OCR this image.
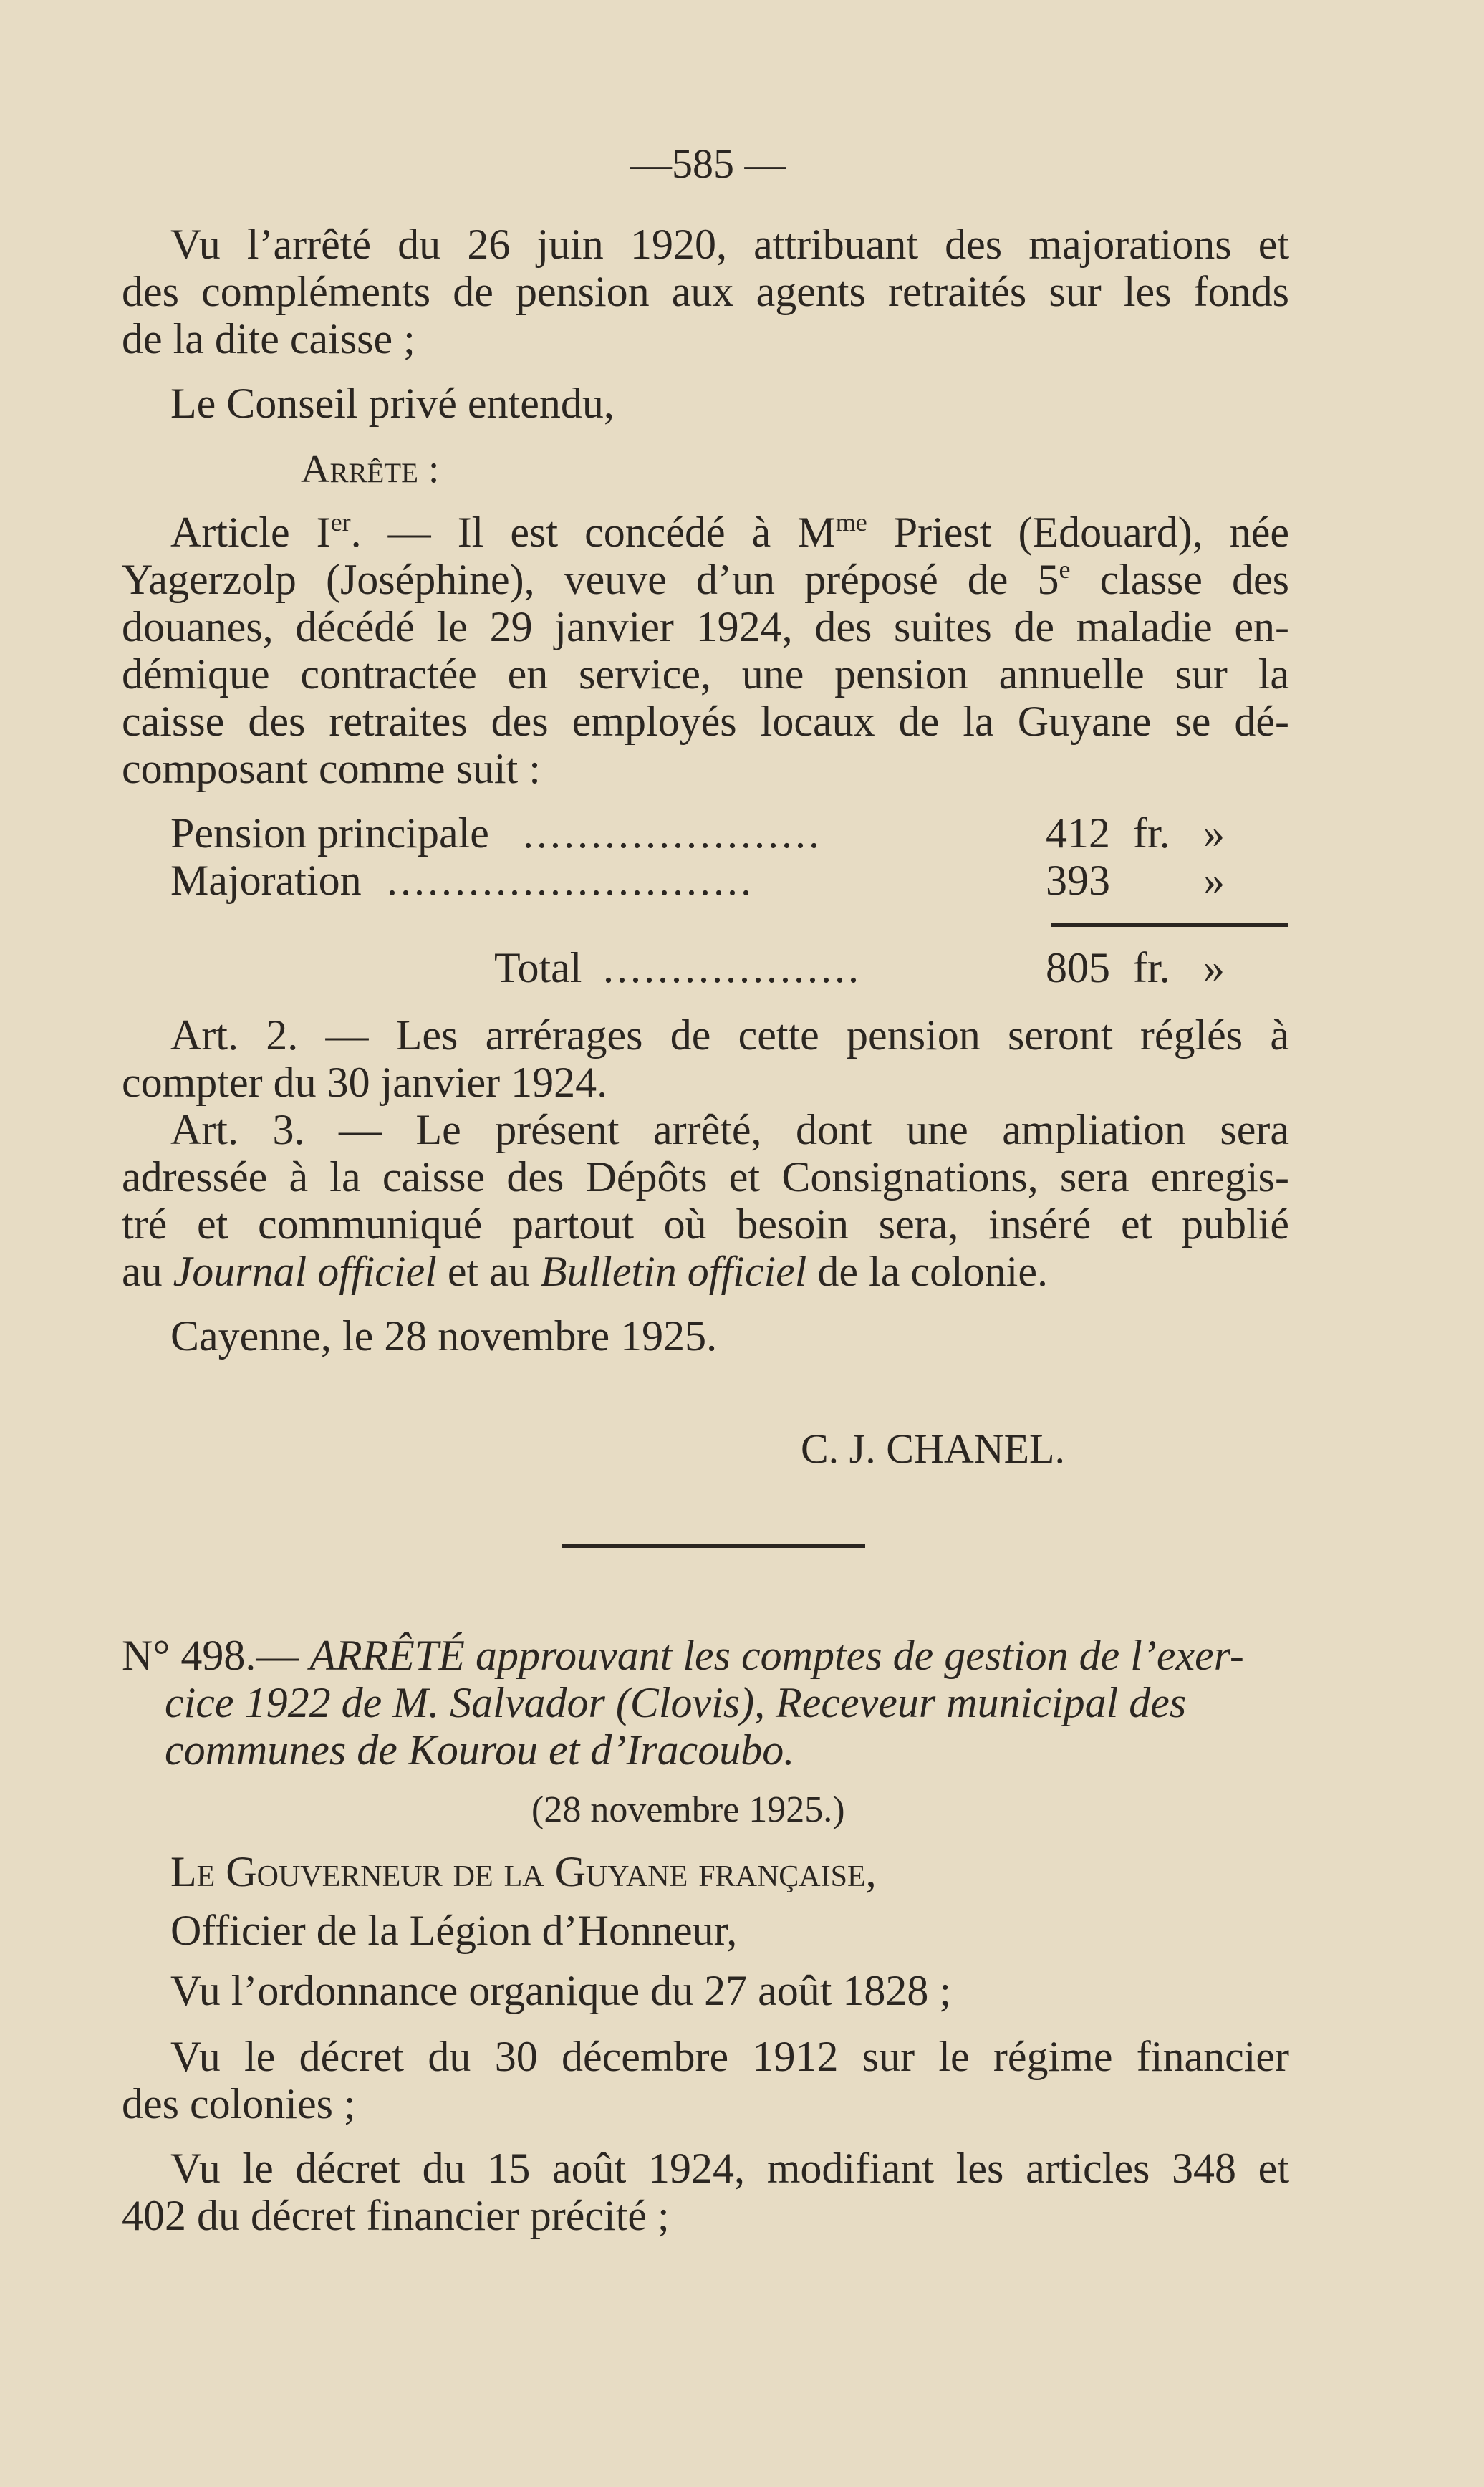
—585 —
Vu l’arrêté du 26 juin 1920, attribuant des majorations et
des compléments de pension aux agents retraités sur les fonds
de la dite caisse ;
Le Conseil privé entendu,
Arrête :
Article Ier. — Il est concédé à $M^{me}$ Priest (Edouard), née
Yagerzolp (Joséphine), veuve d’un préposé de 5e classe des
douanes, décédé le 29 janvier 1924, des suites de maladie en-
démique contractée en service, une pension annuelle sur la
caisse des retraites des employés locaux de la Guyane se dé-
composant comme suit :
Pension principale ......................	412 fr. »
Majoration ...........................	393 »
Total ...................	805 fr. »
Art. 2. — Les arrérages de cette pension seront réglés à
compter du 30 janvier 1924.
Art. 3. — Le présent arrêté, dont une ampliation sera
adressée à la caisse des Dépôts et Consignations, sera enregis-
tré et communiqué partout où besoin sera, inséré et publié
au Journal officiel et au Bulletin officiel de la colonie.
Cayenne, le 28 novembre 1925.
C. J. CHANEL.
N° 498.— ARRÊTÉ approuvant les comptes de gestion de l’exer-
cice 1922 de M. Salvador (Clovis), Receveur municipal des
communes de Kourou et d’Iracoubo.
(28 novembre 1925.)
Le Gouverneur de la Guyane française,
Officier de la Légion d’Honneur,
Vu l’ordonnance organique du 27 août 1828 ;
Vu le décret du 30 décembre 1912 sur le régime financier
des colonies ;
Vu le décret du 15 août 1924, modifiant les articles 348 et
402 du décret financier précité ;
